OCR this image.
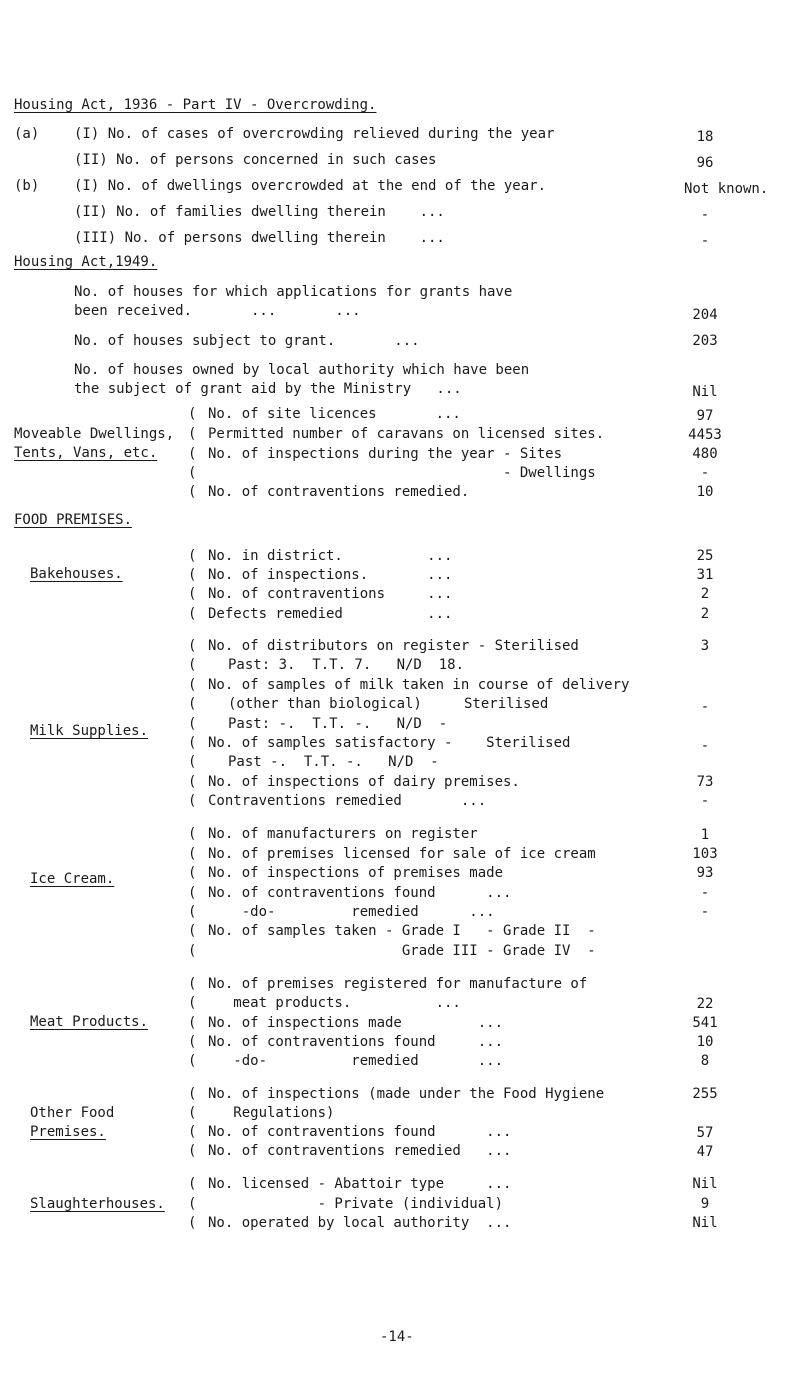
Housing Act, 1936 - Part IV - Overcrowding.
(a) (I) No. of cases of overcrowding relieved during the year	18
(II) No. of persons concerned in such cases	96
(b) (I) No. of dwellings overcrowded at the end of the year.	Not known.
(II) No. of families dwelling therein    ...	-
(III) No. of persons dwelling therein    ...	-
Housing Act,1949.
No. of houses for which applications for grants have
been received.       ...       ...	204
No. of houses subject to grant.       ...	203
No. of houses owned by local authority which have been
the subject of grant aid by the Ministry   ...	Nil
(
(
(
(
(
Moveable Dwellings,
Tents, Vans, etc.
No. of site licences       ...	97
Permitted number of caravans on licensed sites.	4453
No. of inspections during the year - Sites	480
- Dwellings	-
No. of contraventions remedied.	10
FOOD PREMISES.
Bakehouses.
(
(
(
(
No. in district.          ...	25
No. of inspections.       ...	31
No. of contraventions     ...	2
Defects remedied          ...	2
Milk Supplies.
(
(
(
(
(
(
(
(
(
No. of distributors on register - Sterilised	3
Past: 3.  T.T. 7.   N/D  18.
No. of samples of milk taken in course of delivery
(other than biological)     Sterilised	-
Past: -.  T.T. -.   N/D  -
No. of samples satisfactory -    Sterilised	-
Past -.  T.T. -.   N/D  -
No. of inspections of dairy premises.	73
Contraventions remedied       ...	-
Ice Cream.
(
(
(
(
(
(
(
No. of manufacturers on register	1
No. of premises licensed for sale of ice cream	103
No. of inspections of premises made	93
No. of contraventions found      ...	-
-do-         remedied      ...	-
No. of samples taken - Grade I   - Grade II  -
Grade III - Grade IV  -
Meat Products.
(
(
(
(
(
No. of premises registered for manufacture of
meat products.          ...	22
No. of inspections made         ...	541
No. of contraventions found     ...	10
-do-          remedied       ...	8
Other Food
Premises.
(
(
(
(
No. of inspections (made under the Food Hygiene	255
Regulations)
No. of contraventions found      ...	57
No. of contraventions remedied   ...	47
Slaughterhouses.
(
(
(
No. licensed - Abattoir type     ...	Nil
- Private (individual)	9
No. operated by local authority  ...	Nil
-14-
